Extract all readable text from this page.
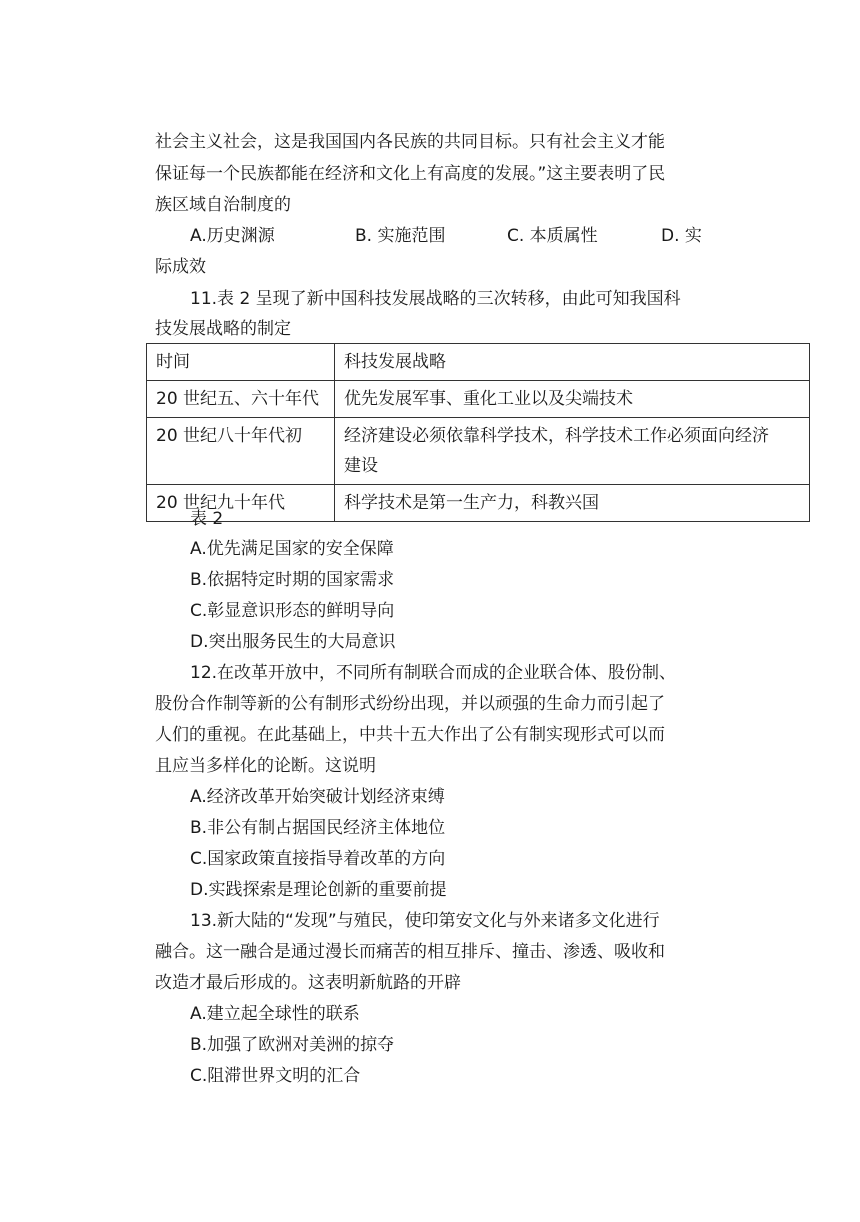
社会主义社会，这是我国国内各民族的共同目标。只有社会主义才能
保证每一个民族都能在经济和文化上有高度的发展。”这主要表明了民
族区域自治制度的
A.历史渊源	B. 实施范围	C. 本质属性	D. 实
际成效
11.表 2 呈现了新中国科技发展战略的三次转移，由此可知我国科
技发展战略的制定
时间	科技发展战略
20 世纪五、六十年代	优先发展军事、重化工业以及尖端技术
20 世纪八十年代初	经济建设必须依靠科学技术，科学技术工作必须面向经济
建设

20 世纪九十年代	科学技术是第一生产力，科教兴国
表 2
A.优先满足国家的安全保障
B.依据特定时期的国家需求
C.彰显意识形态的鲜明导向
D.突出服务民生的大局意识
12.在改革开放中，不同所有制联合而成的企业联合体、股份制、
股份合作制等新的公有制形式纷纷出现，并以顽强的生命力而引起了
人们的重视。在此基础上，中共十五大作出了公有制实现形式可以而
且应当多样化的论断。这说明
A.经济改革开始突破计划经济束缚
B.非公有制占据国民经济主体地位
C.国家政策直接指导着改革的方向
D.实践探索是理论创新的重要前提
13.新大陆的“发现”与殖民，使印第安文化与外来诸多文化进行
融合。这一融合是通过漫长而痛苦的相互排斥、撞击、渗透、吸收和
改造才最后形成的。这表明新航路的开辟
A.建立起全球性的联系
B.加强了欧洲对美洲的掠夺
C.阻滞世界文明的汇合
